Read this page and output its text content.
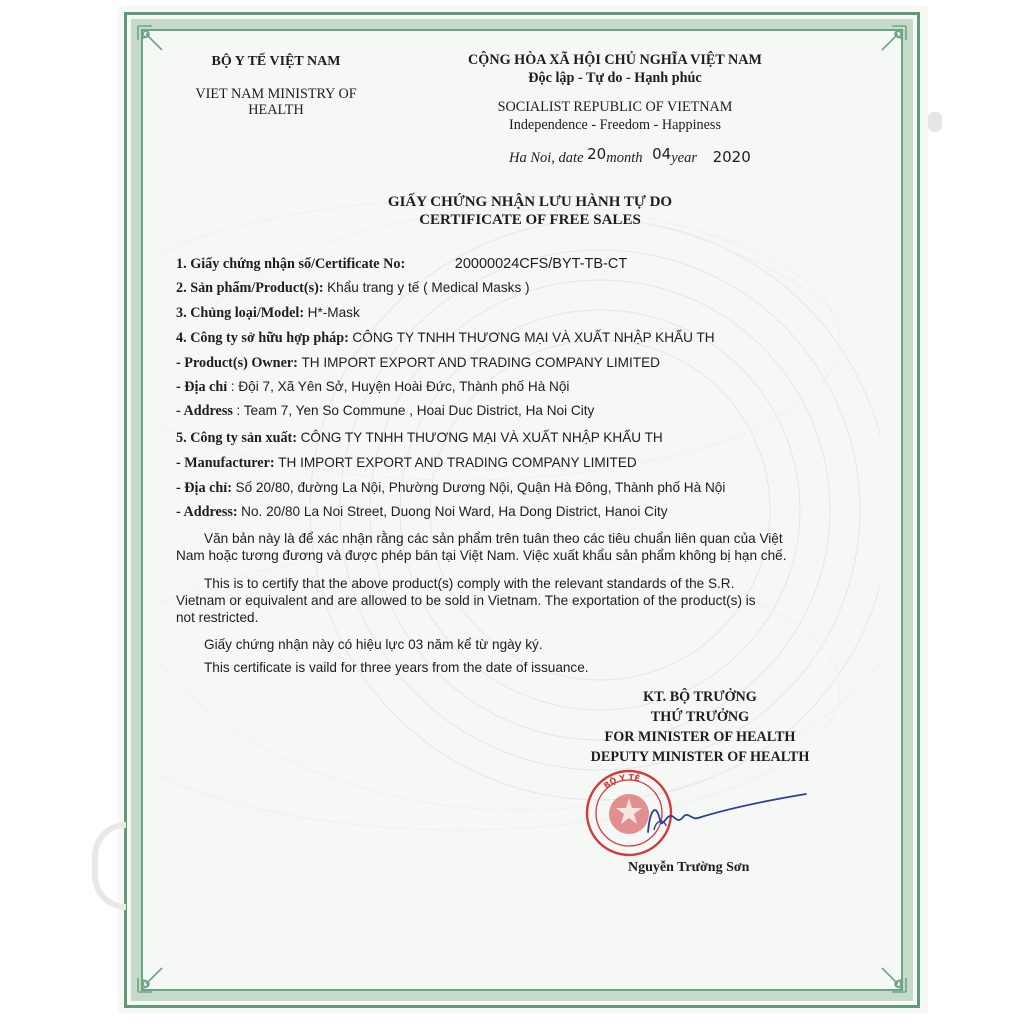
BỘ Y TẾ VIỆT NAM
VIET NAM MINISTRY OF
HEALTH
CỘNG HÒA XÃ HỘI CHỦ NGHĨA VIỆT NAM
Độc lập - Tự do - Hạnh phúc
SOCIALIST REPUBLIC OF VIETNAM
Independence - Freedom - Happiness
Ha Noi, date 20month 04year 2020
GIẤY CHỨNG NHẬN LƯU HÀNH TỰ DO
CERTIFICATE OF FREE SALES
1. Giấy chứng nhận số/Certificate No:	20000024CFS/BYT-TB-CT
2. Sản phẩm/Product(s): Khẩu trang y tế ( Medical Masks )
3. Chủng loại/Model: H*-Mask
4. Công ty sở hữu hợp pháp: CÔNG TY TNHH THƯƠNG MẠI VÀ XUẤT NHẬP KHẨU TH
- Product(s) Owner: TH IMPORT EXPORT AND TRADING COMPANY LIMITED
- Địa chỉ : Đội 7, Xã Yên Sở, Huyện Hoài Đức, Thành phố Hà Nội
- Address : Team 7, Yen So Commune , Hoai Duc District, Ha Noi City
5. Công ty sản xuất: CÔNG TY TNHH THƯƠNG MẠI VÀ XUẤT NHẬP KHẨU TH
- Manufacturer: TH IMPORT EXPORT AND TRADING COMPANY LIMITED
- Địa chỉ: Số 20/80, đường La Nội, Phường Dương Nội, Quận Hà Đông, Thành phố Hà Nội
- Address: No. 20/80 La Noi Street, Duong Noi Ward, Ha Dong District, Hanoi City
Văn bản này là để xác nhận rằng các sản phẩm trên tuân theo các tiêu chuẩn liên quan của Việt
Nam hoặc tương đương và được phép bán tại Việt Nam. Việc xuất khẩu sản phẩm không bị hạn chế.
This is to certify that the above product(s) comply with the relevant standards of the S.R.
Vietnam or equivalent and are allowed to be sold in Vietnam. The exportation of the product(s) is
not restricted.
Giấy chứng nhận này có hiệu lực 03 năm kể từ ngày ký.
This certificate is vaild for three years from the date of issuance.
KT. BỘ TRƯỞNG
THỨ TRƯỞNG
FOR MINISTER OF HEALTH
DEPUTY MINISTER OF HEALTH
BỘ Y TẾ
Nguyễn Trường Sơn
